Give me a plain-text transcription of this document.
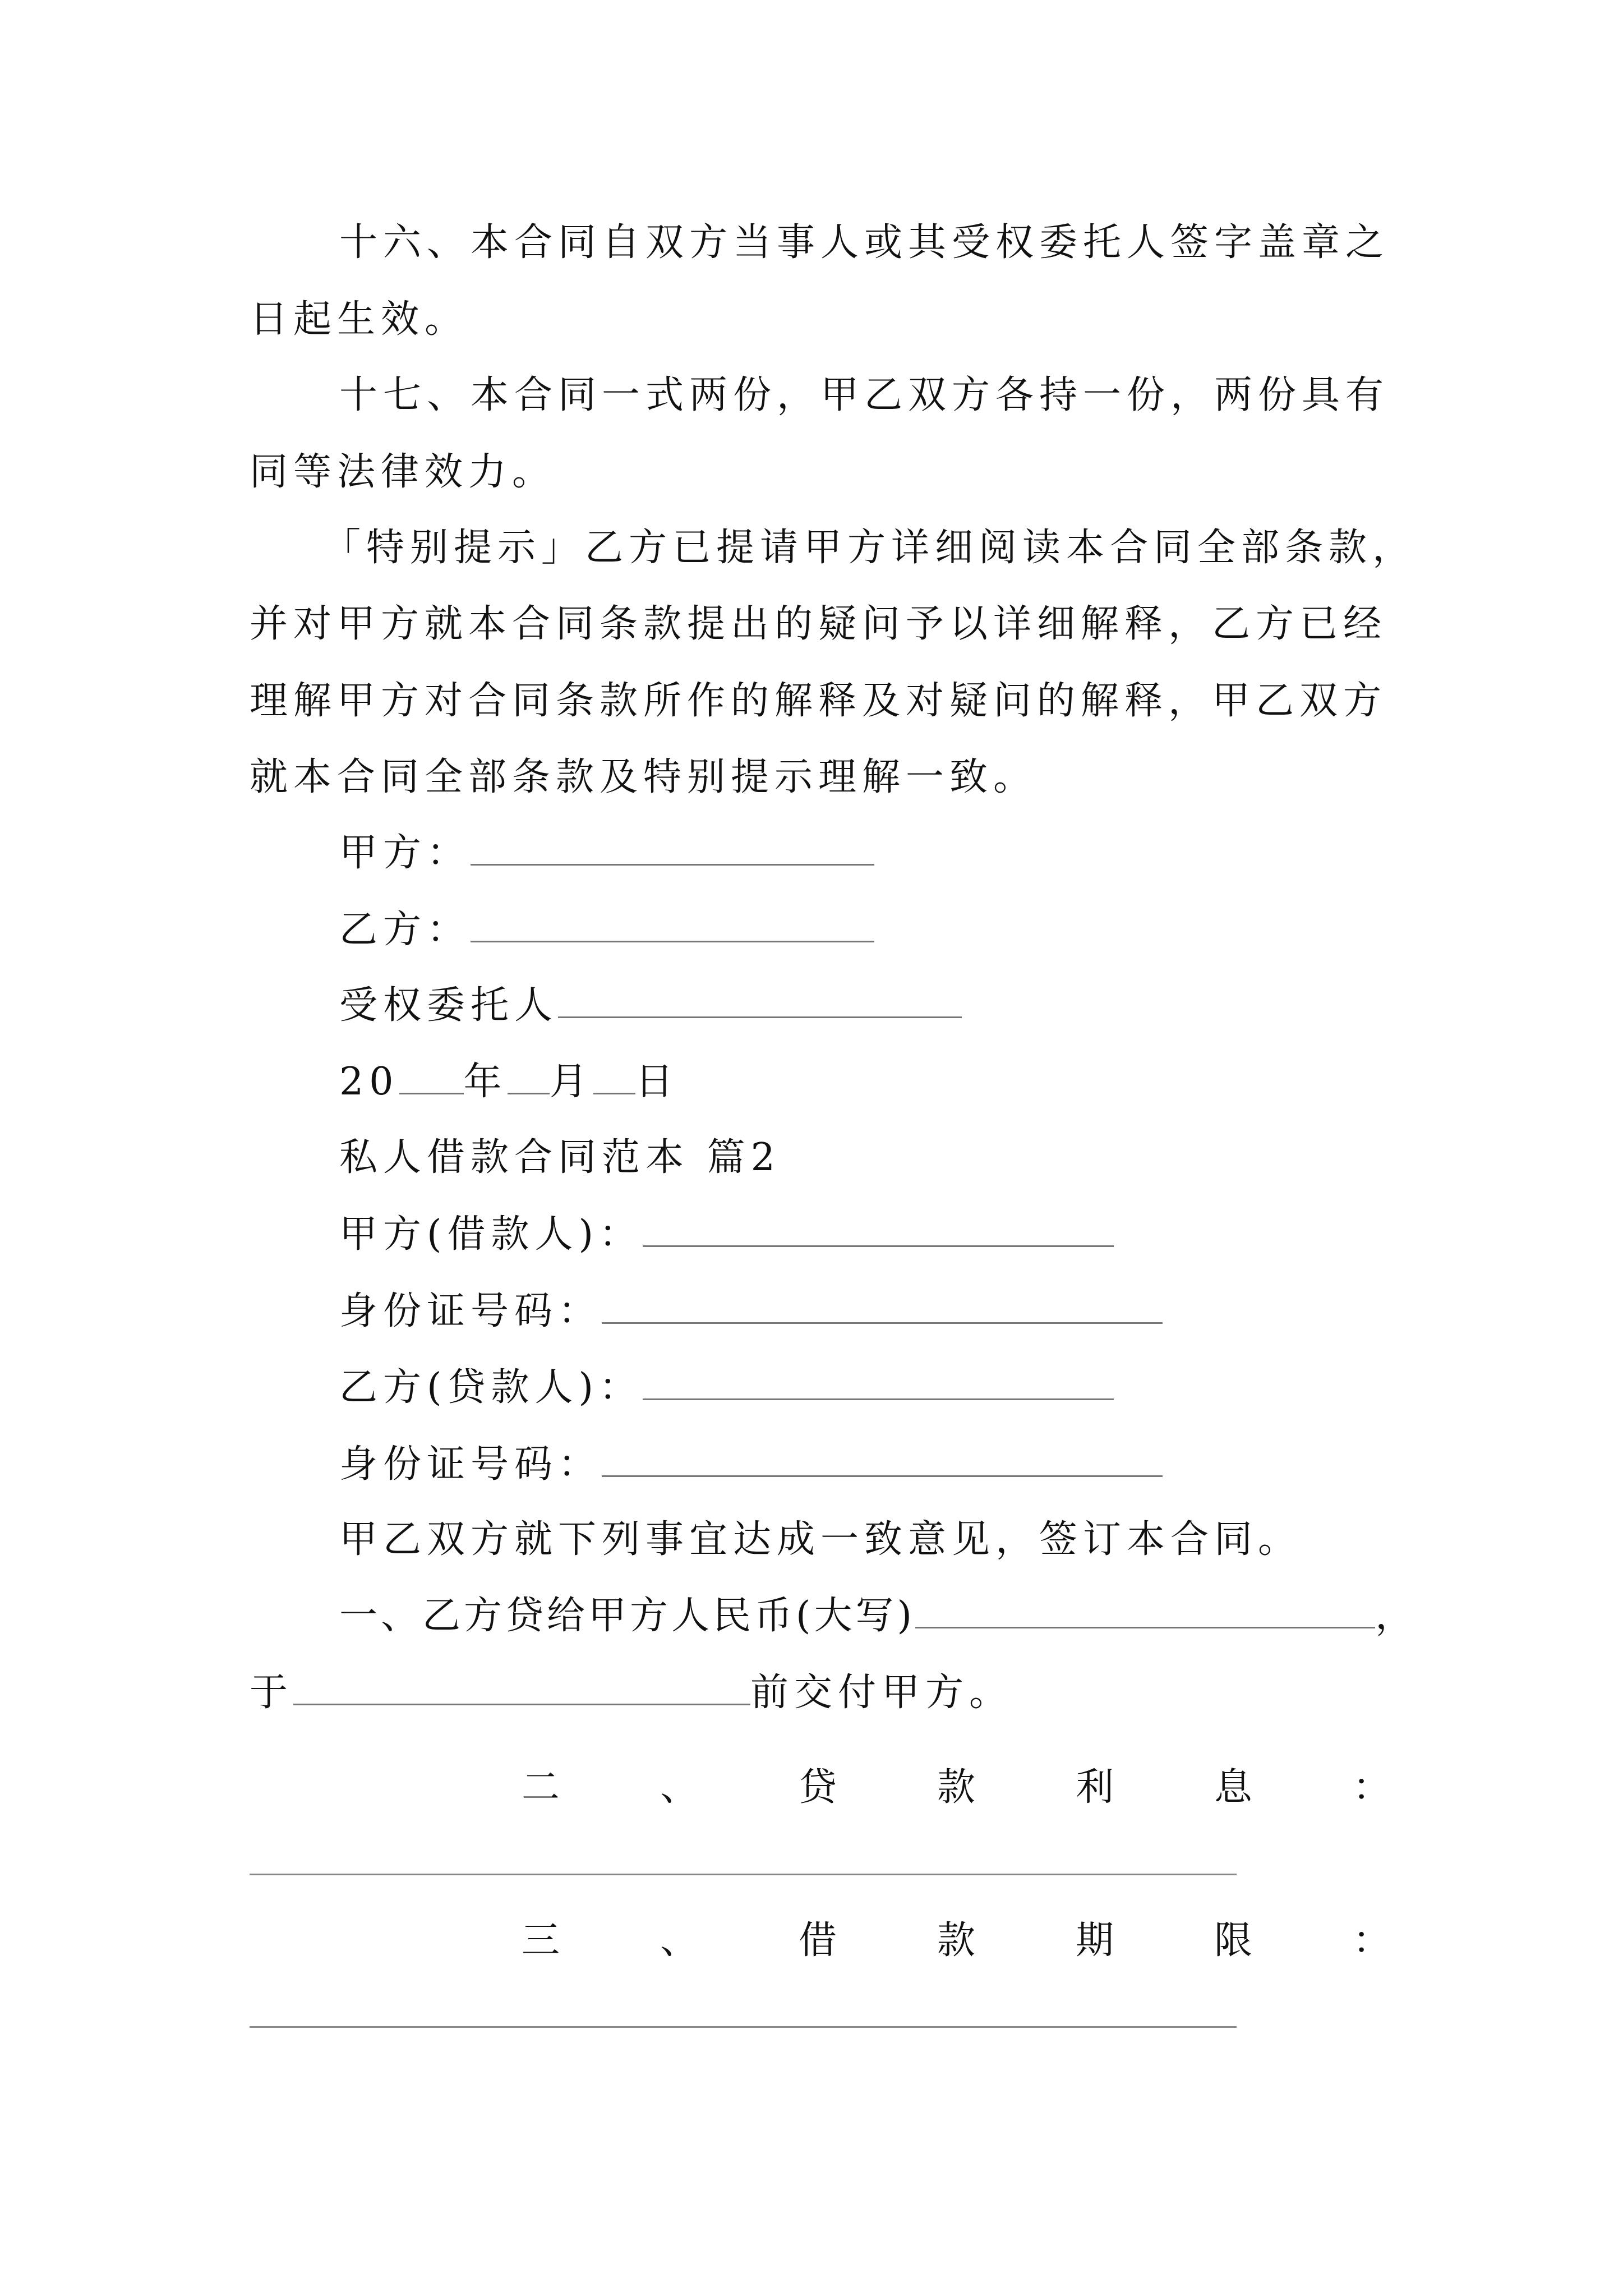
十六、本合同自双方当事人或其受权委托人签字盖章之
日起生效。
十七、本合同一式两份，甲乙双方各持一份，两份具有
同等法律效力。
「特别提示」乙方已提请甲方详细阅读本合同全部条款，
并对甲方就本合同条款提出的疑问予以详细解释，乙方已经
理解甲方对合同条款所作的解释及对疑问的解释，甲乙双方
就本合同全部条款及特别提示理解一致。
甲方：
乙方：
受权委托人
20 年 月 日
私人借款合同范本 篇2
甲方(借款人)：
身份证号码：
乙方(贷款人)：
身份证号码：
甲乙双方就下列事宜达成一致意见，签订本合同。
一、乙方贷给甲方人民币(大写)	，
于	前交付甲方。
二	、	贷	款	利	息	：
三	、	借	款	期	限	：
